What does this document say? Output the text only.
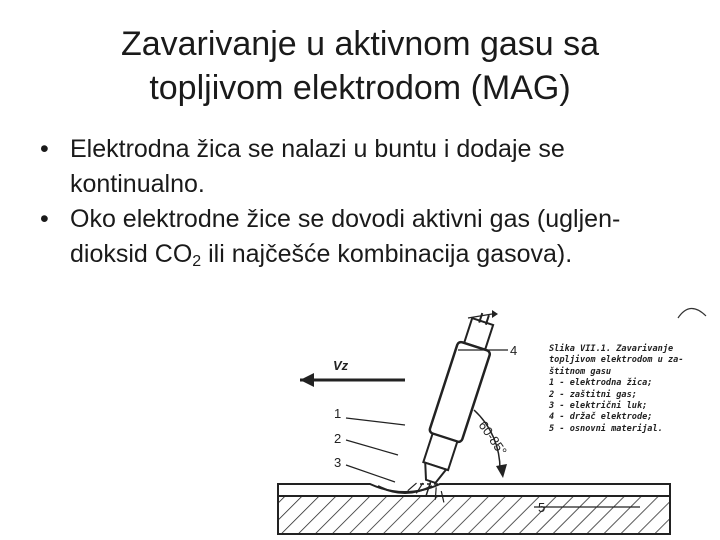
Zavarivanje u aktivnom gasu sa
topljivom elektrodom (MAG)
• Elektrodna žica se nalazi u buntu i dodaje se kontinualno.
• Oko elektrodne žice se dovodi aktivni gas (ugljen-dioksid $CO_2$ ili najčešće kombinacija gasova).
Vz
60-85°
1
2
3
4
5
Slika VII.1. Zavarivanje
topljivom elektrodom u za-
štitnom gasu
1 - elektrodna žica;
2 - zaštitni gas;
3 - električni luk;
4 - držač elektrode;
5 - osnovni materijal.
